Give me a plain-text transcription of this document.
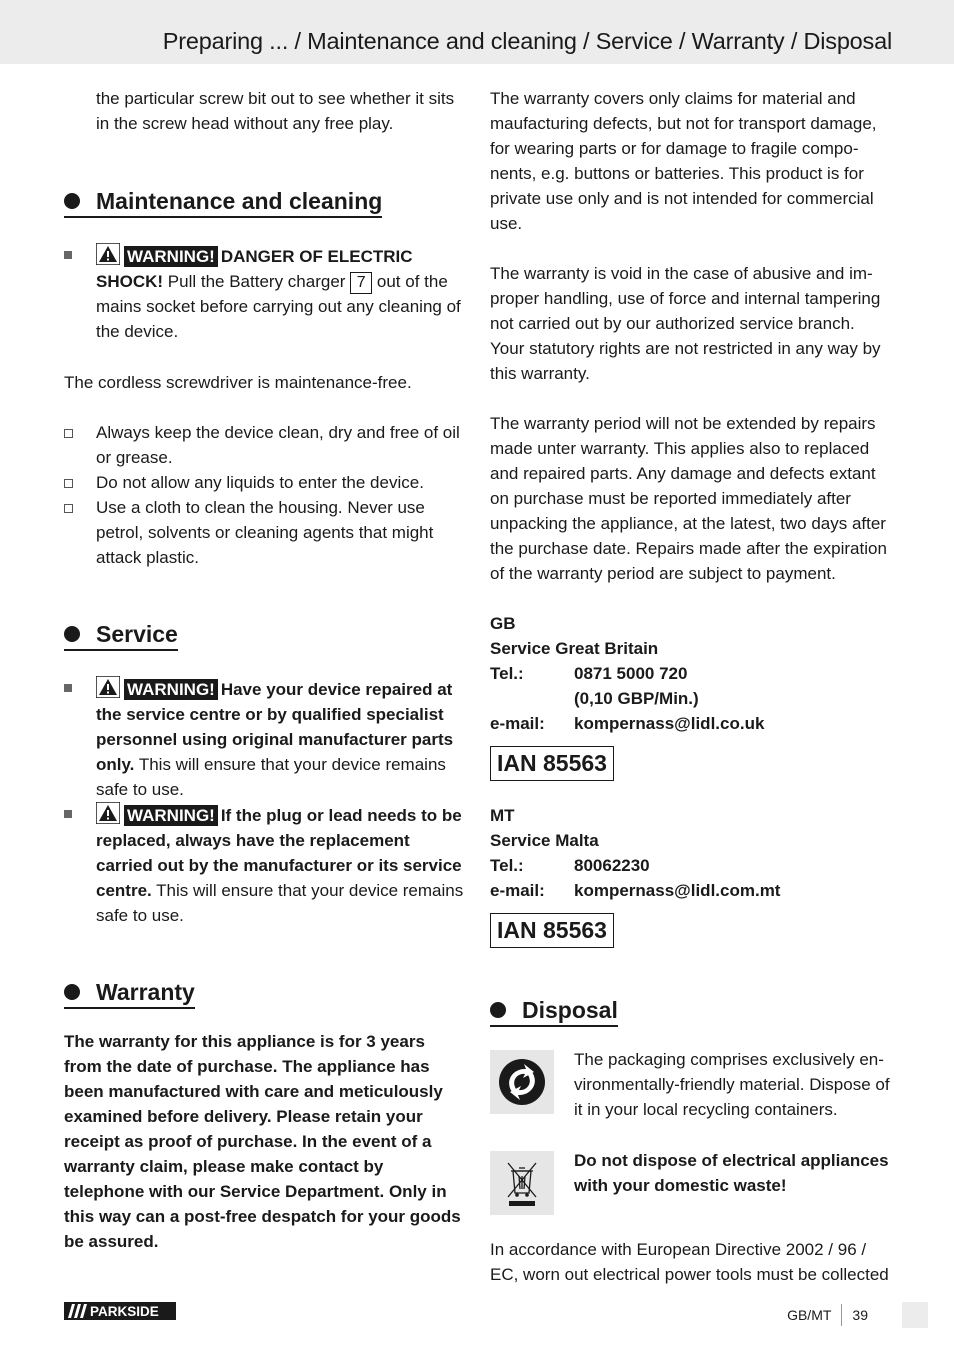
Preparing ... / Maintenance and cleaning / Service / Warranty / Disposal

the particular screw bit out to see whether it sits in the screw head without any free play.

Maintenance and cleaning
WARNING! DANGER OF ELECTRIC SHOCK! Pull the Battery charger 7 out of the mains socket before carrying out any cleaning of the device.

The cordless screwdriver is maintenance-free.

Always keep the device clean, dry and free of oil or grease.
Do not allow any liquids to enter the device.
Use a cloth to clean the housing. Never use petrol, solvents or cleaning agents that might attack plastic.
Service
WARNING! Have your device repaired at the service centre or by qualified specialist personnel using original manufacturer parts only. This will ensure that your device remains safe to use.
WARNING! If the plug or lead needs to be replaced, always have the replacement carried out by the manufacturer or its service centre. This will ensure that your device remains safe to use.
Warranty

The warranty for this appliance is for 3 years from the date of purchase. The appliance has been manufactured with care and meticulously examined before delivery. Please retain your receipt as proof of purchase. In the event of a warranty claim, please make contact by telephone with our Service Department. Only in this way can a post-free despatch for your goods be assured.

The warranty covers only claims for material and maufacturing defects, but not for transport damage, for wearing parts or for damage to fragile components, e.g. buttons or batteries. This product is for private use only and is not intended for commercial use.

The warranty is void in the case of abusive and improper handling, use of force and internal tampering not carried out by our authorized service branch. Your statutory rights are not restricted in any way by this warranty.

The warranty period will not be extended by repairs made unter warranty. This applies also to replaced and repaired parts. Any damage and defects extant on purchase must be reported immediately after unpacking the appliance, at the latest, two days after the purchase date. Repairs made after the expiration of the warranty period are subject to payment.

GB

Service Great Britain

Tel.:	0871 5000 720
(0,10 GBP/Min.)
e-mail:	kompernass@lidl.co.uk
IAN 85563

MT

Service Malta

Tel.:	80062230
e-mail:	kompernass@lidl.com.mt
IAN 85563
Disposal

The packaging comprises exclusively environmentally-friendly material. Dispose of it in your local recycling containers.

Do not dispose of electrical appliances with your domestic waste!

In accordance with European Directive 2002 / 96 / EC, worn out electrical power tools must be collected

PARKSIDE	GB/MT 39
